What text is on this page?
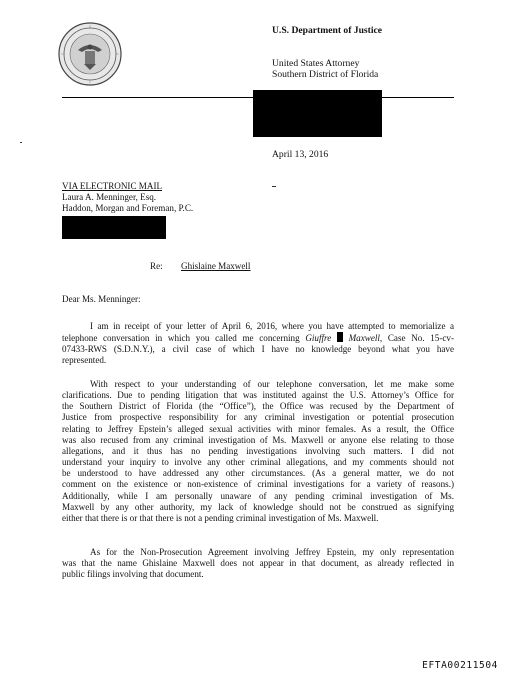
U.S. Department of Justice
United States Attorney
Southern District of Florida
April 13, 2016
VIA ELECTRONIC MAIL
Laura A. Menninger, Esq.
Haddon, Morgan and Foreman, P.C.
Re: Ghislaine Maxwell
Dear Ms. Menninger:
I am in receipt of your letter of April 6, 2016, where you have attempted to memorialize a
telephone conversation in which you called me concerning Giuffre Maxwell, Case No. 15-cv-
07433-RWS (S.D.N.Y.), a civil case of which I have no knowledge beyond what you have
represented.
With respect to your understanding of our telephone conversation, let me make some
clarifications. Due to pending litigation that was instituted against the U.S. Attorney’s Office for
the Southern District of Florida (the “Office”), the Office was recused by the Department of
Justice from prospective responsibility for any criminal investigation or potential prosecution
relating to Jeffrey Epstein’s alleged sexual activities with minor females. As a result, the Office
was also recused from any criminal investigation of Ms. Maxwell or anyone else relating to those
allegations, and it thus has no pending investigations involving such matters. I did not
understand your inquiry to involve any other criminal allegations, and my comments should not
be understood to have addressed any other circumstances. (As a general matter, we do not
comment on the existence or non-existence of criminal investigations for a variety of reasons.)
Additionally, while I am personally unaware of any pending criminal investigation of Ms.
Maxwell by any other authority, my lack of knowledge should not be construed as signifying
either that there is or that there is not a pending criminal investigation of Ms. Maxwell.
As for the Non-Prosecution Agreement involving Jeffrey Epstein, my only representation
was that the name Ghislaine Maxwell does not appear in that document, as already reflected in
public filings involving that document.
EFTA00211504
